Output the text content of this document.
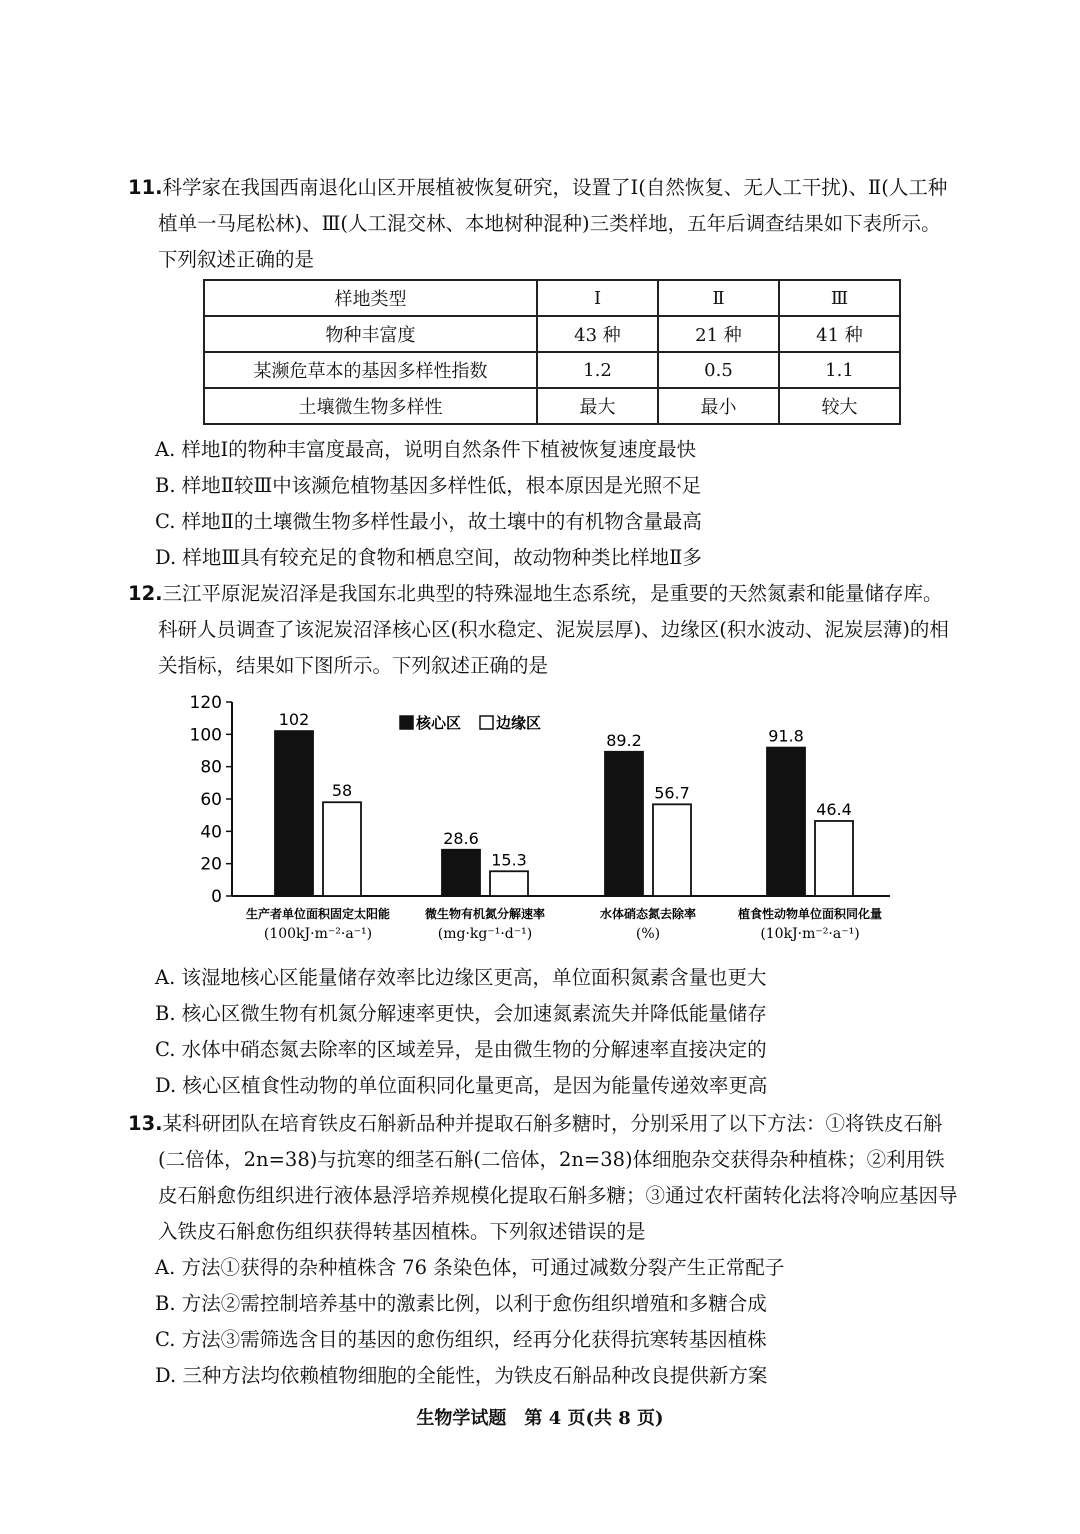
11.科学家在我国西南退化山区开展植被恢复研究，设置了Ⅰ(自然恢复、无人工干扰)、Ⅱ(人工种植单一马尾松林)、Ⅲ(人工混交林、本地树种混种)三类样地，五年后调查结果如下表所示。下列叙述正确的是
样地类型	Ⅰ	Ⅱ	Ⅲ
物种丰富度	43 种	21 种	41 种
某濒危草本的基因多样性指数	1.2	0.5	1.1
土壤微生物多样性	最大	最小	较大
A. 样地Ⅰ的物种丰富度最高，说明自然条件下植被恢复速度最快
B. 样地Ⅱ较Ⅲ中该濒危植物基因多样性低，根本原因是光照不足
C. 样地Ⅱ的土壤微生物多样性最小，故土壤中的有机物含量最高
D. 样地Ⅲ具有较充足的食物和栖息空间，故动物种类比样地Ⅱ多
12.三江平原泥炭沼泽是我国东北典型的特殊湿地生态系统，是重要的天然氮素和能量储存库。科研人员调查了该泥炭沼泽核心区(积水稳定、泥炭层厚)、边缘区(积水波动、泥炭层薄)的相关指标，结果如下图所示。下列叙述正确的是
0
20
40
60
80
100
120
102
58
生产者单位面积固定太阳能
(100kJ·m⁻²·a⁻¹)
28.6
15.3
微生物有机氮分解速率
(mg·kg⁻¹·d⁻¹)
89.2
56.7
水体硝态氮去除率
(%)
91.8
46.4
植食性动物单位面积同化量
(10kJ·m⁻²·a⁻¹)
核心区 边缘区
A. 该湿地核心区能量储存效率比边缘区更高，单位面积氮素含量也更大
B. 核心区微生物有机氮分解速率更快，会加速氮素流失并降低能量储存
C. 水体中硝态氮去除率的区域差异，是由微生物的分解速率直接决定的
D. 核心区植食性动物的单位面积同化量更高，是因为能量传递效率更高
13.某科研团队在培育铁皮石斛新品种并提取石斛多糖时，分别采用了以下方法：①将铁皮石斛(二倍体，2n=38)与抗寒的细茎石斛(二倍体，2n=38)体细胞杂交获得杂种植株；②利用铁皮石斛愈伤组织进行液体悬浮培养规模化提取石斛多糖；③通过农杆菌转化法将冷响应基因导入铁皮石斛愈伤组织获得转基因植株。下列叙述错误的是
A. 方法①获得的杂种植株含 76 条染色体，可通过减数分裂产生正常配子
B. 方法②需控制培养基中的激素比例，以利于愈伤组织增殖和多糖合成
C. 方法③需筛选含目的基因的愈伤组织，经再分化获得抗寒转基因植株
D. 三种方法均依赖植物细胞的全能性，为铁皮石斛品种改良提供新方案
生物学试题　第 4 页(共 8 页)
